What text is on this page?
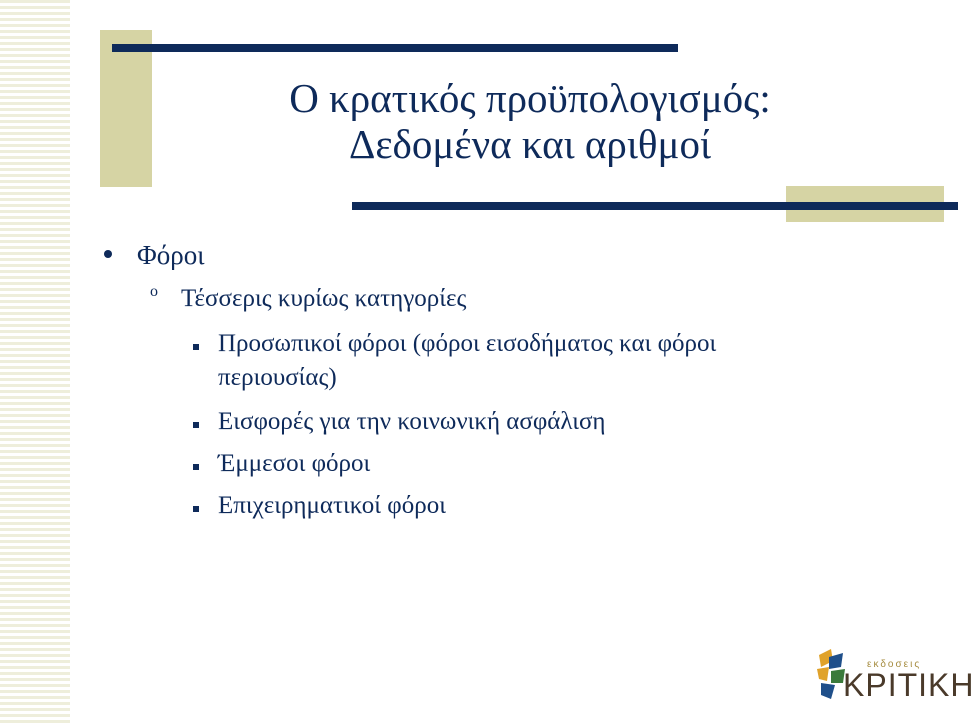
Ο κρατικός προϋπολογισμός:
Δεδομένα και αριθμοί
Φόροι
o Τέσσερις κυρίως κατηγορίες
Προσωπικοί φόροι (φόροι εισοδήματος και φόροι
περιουσίας)
Εισφορές για την κοινωνική ασφάλιση
Έμμεσοι φόροι
Επιχειρηματικοί φόροι
εκδοσεις
ΚΡΙΤΙΚΗ
